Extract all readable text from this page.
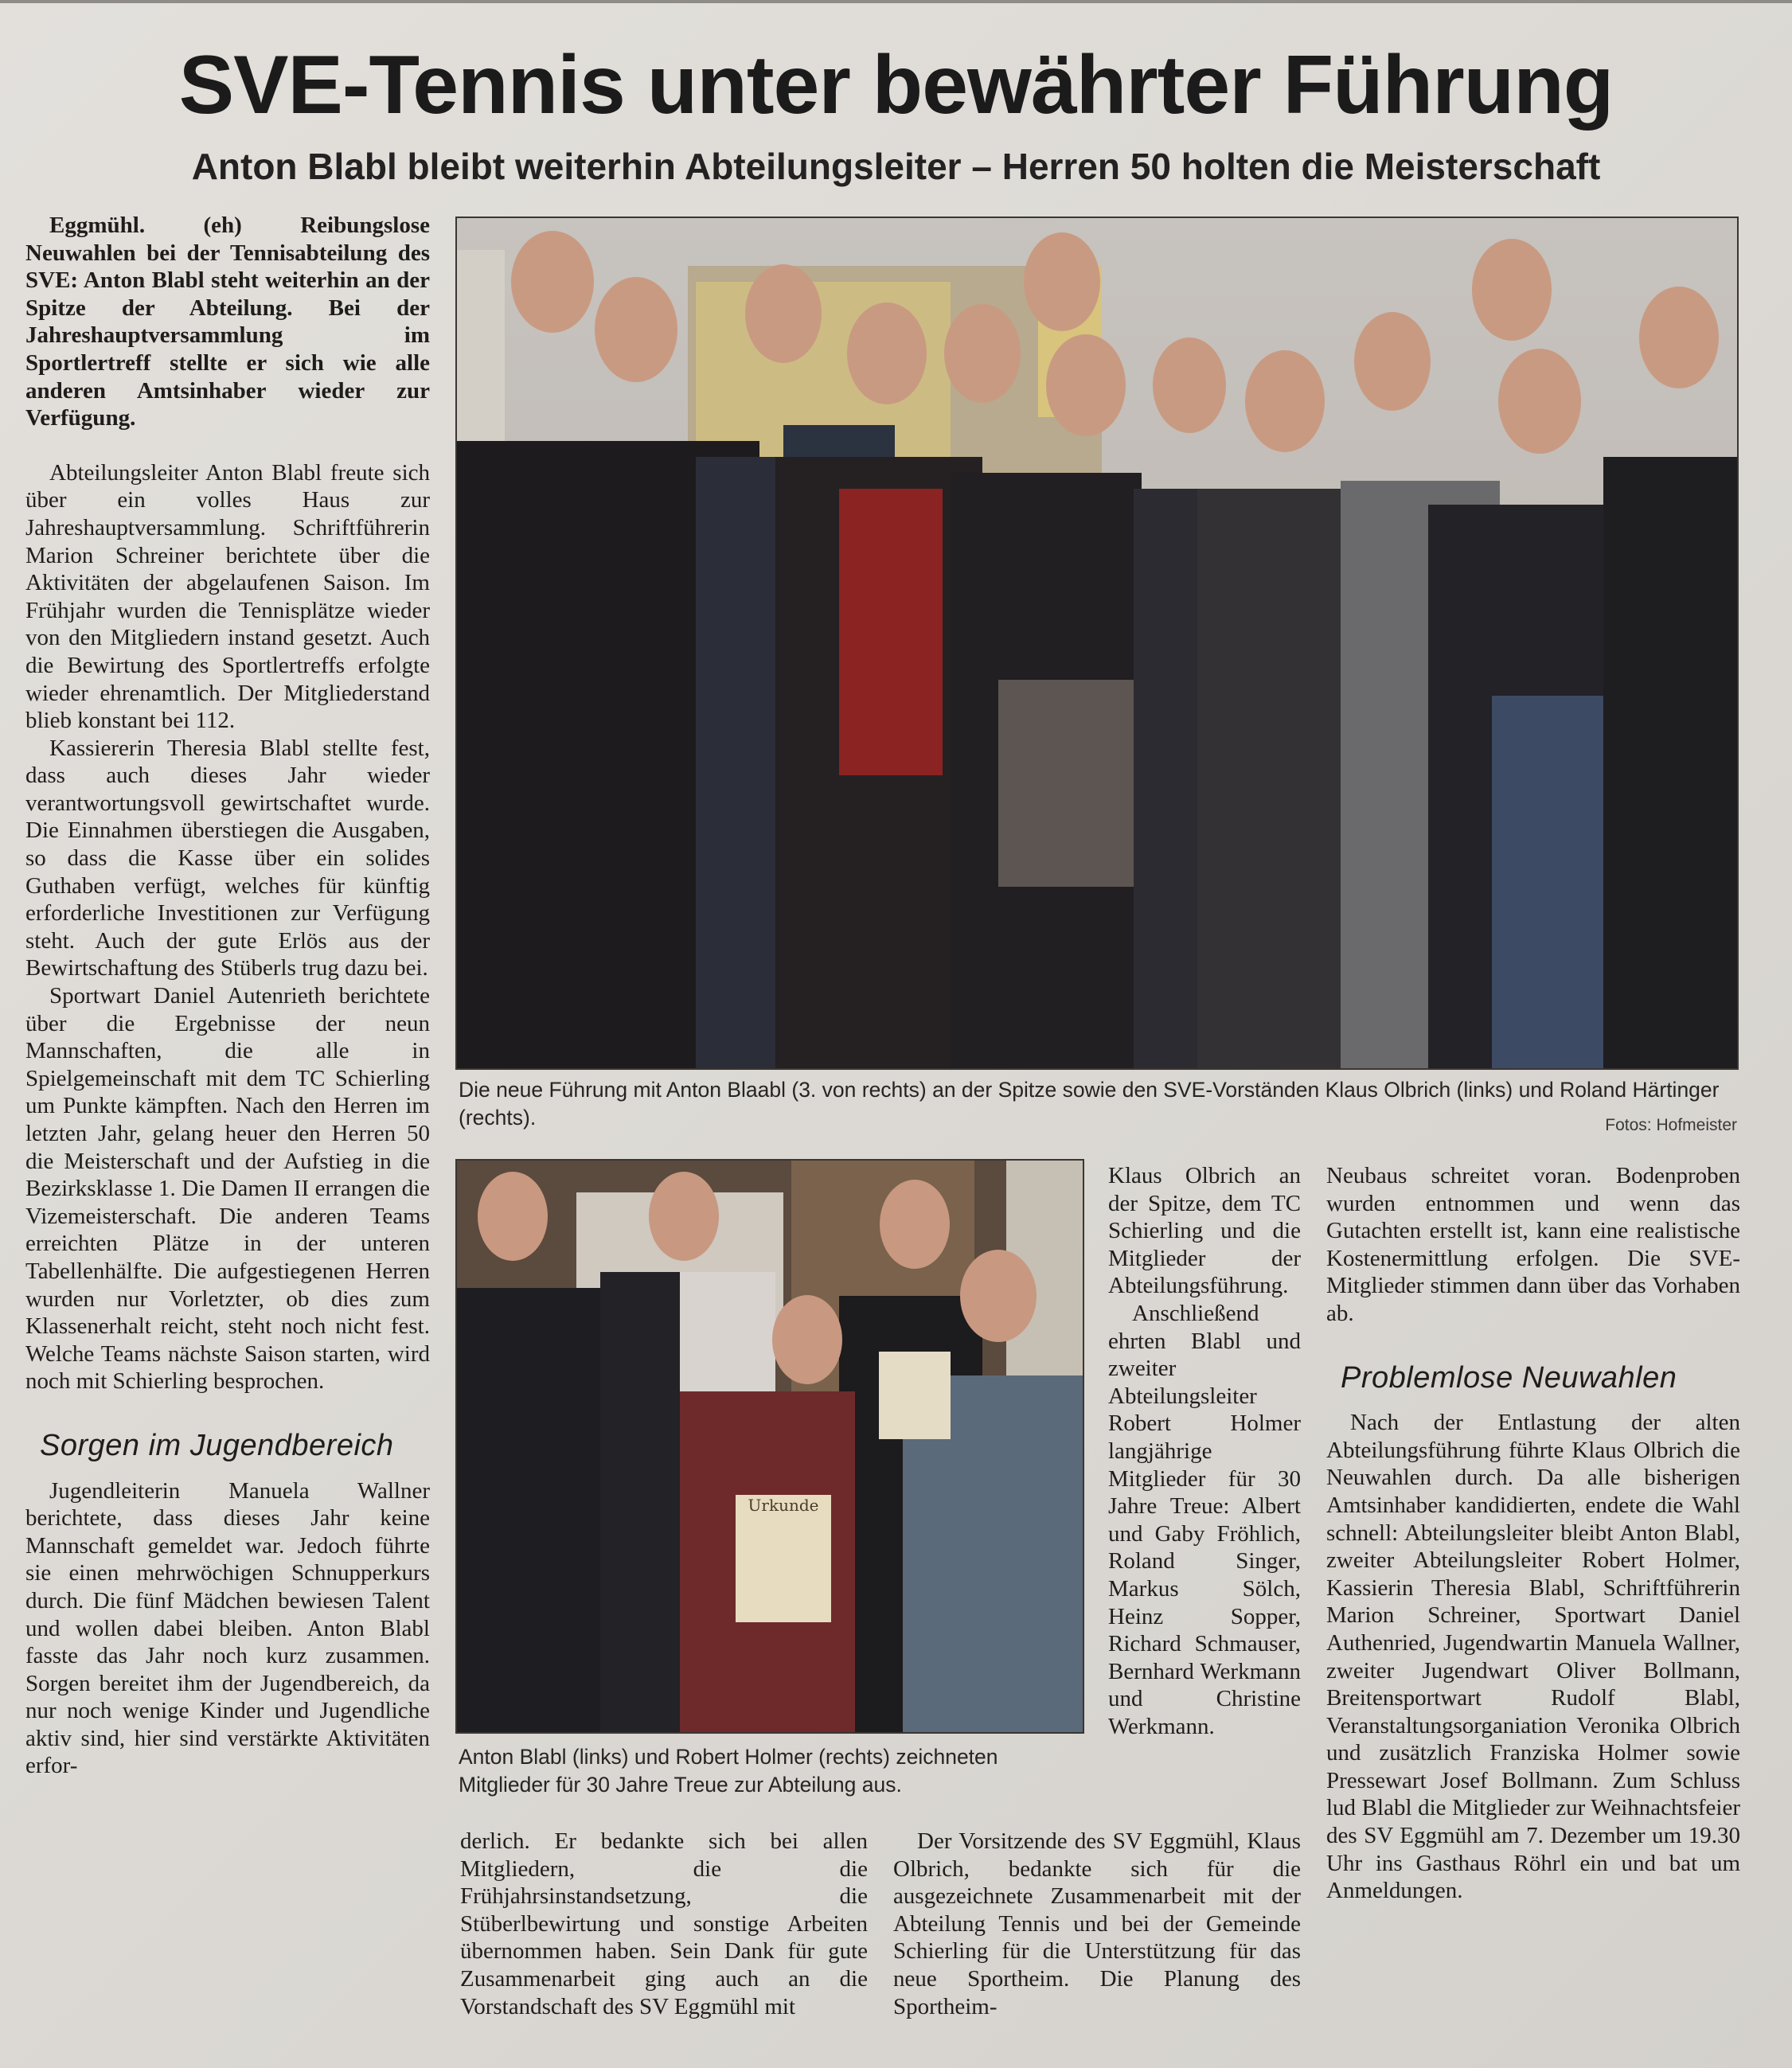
SVE-Tennis unter bewährter Führung
Anton Blabl bleibt weiterhin Abteilungsleiter – Herren 50 holten die Meisterschaft

Eggmühl. (eh) Reibungslose Neuwahlen bei der Tennisabteilung des SVE: Anton Blabl steht weiterhin an der Spitze der Abteilung. Bei der Jahreshauptversammlung im Sportlertreff stellte er sich wie alle anderen Amtsinhaber wieder zur Verfügung.

Abteilungsleiter Anton Blabl freute sich über ein volles Haus zur Jahreshauptversammlung. Schriftführerin Marion Schreiner berichtete über die Aktivitäten der abgelaufenen Saison. Im Frühjahr wurden die Tennisplätze wieder von den Mitgliedern instand gesetzt. Auch die Bewirtung des Sportlertreffs erfolgte wieder ehrenamtlich. Der Mitgliederstand blieb konstant bei 112.

Kassiererin Theresia Blabl stellte fest, dass auch dieses Jahr wieder verantwortungsvoll gewirtschaftet wurde. Die Einnahmen überstiegen die Ausgaben, so dass die Kasse über ein solides Guthaben verfügt, welches für künftig erforderliche Investitionen zur Verfügung steht. Auch der gute Erlös aus der Bewirtschaftung des Stüberls trug dazu bei.

Sportwart Daniel Autenrieth berichtete über die Ergebnisse der neun Mannschaften, die alle in Spielgemeinschaft mit dem TC Schierling um Punkte kämpften. Nach den Herren im letzten Jahr, gelang heuer den Herren 50 die Meisterschaft und der Aufstieg in die Bezirksklasse 1. Die Damen II errangen die Vizemeisterschaft. Die anderen Teams erreichten Plätze in der unteren Tabellenhälfte. Die aufgestiegenen Herren wurden nur Vorletzter, ob dies zum Klassenerhalt reicht, steht noch nicht fest. Welche Teams nächste Saison starten, wird noch mit Schierling besprochen.

Sorgen im Jugendbereich

Jugendleiterin Manuela Wallner berichtete, dass dieses Jahr keine Mannschaft gemeldet war. Jedoch führte sie einen mehrwöchigen Schnupperkurs durch. Die fünf Mädchen bewiesen Talent und wollen dabei bleiben. Anton Blabl fasste das Jahr noch kurz zusammen. Sorgen bereitet ihm der Jugendbereich, da nur noch wenige Kinder und Jugendliche aktiv sind, hier sind verstärkte Aktivitäten erfor-

Die neue Führung mit Anton Blaabl (3. von rechts) an der Spitze sowie den SVE-Vorständen Klaus Olbrich (links) und Roland Härtinger (rechts).	Fotos: Hofmeister
Urkunde
Anton Blabl (links) und Robert Holmer (rechts) zeichneten Mitglieder für 30 Jahre Treue zur Abteilung aus.

Klaus Olbrich an der Spitze, dem TC Schierling und die Mitglieder der Abteilungsführung.

Anschließend ehrten Blabl und zweiter Abteilungsleiter Robert Holmer langjährige Mitglieder für 30 Jahre Treue: Albert und Gaby Fröhlich, Roland Singer, Markus Sölch, Heinz Sopper, Richard Schmauser, Bernhard Werkmann und Christine Werkmann.

Neubaus schreitet voran. Bodenproben wurden entnommen und wenn das Gutachten erstellt ist, kann eine realistische Kostenermittlung erfolgen. Die SVE-Mitglieder stimmen dann über das Vorhaben ab.

Problemlose Neuwahlen

Nach der Entlastung der alten Abteilungsführung führte Klaus Olbrich die Neuwahlen durch. Da alle bisherigen Amtsinhaber kandidierten, endete die Wahl schnell: Abteilungsleiter bleibt Anton Blabl, zweiter Abteilungsleiter Robert Holmer, Kassierin Theresia Blabl, Schriftführerin Marion Schreiner, Sportwart Daniel Authenried, Jugendwartin Manuela Wallner, zweiter Jugendwart Oliver Bollmann, Breitensportwart Rudolf Blabl, Veranstaltungsorganiation Veronika Olbrich und zusätzlich Franziska Holmer sowie Pressewart Josef Bollmann. Zum Schluss lud Blabl die Mitglieder zur Weihnachtsfeier des SV Eggmühl am 7. Dezember um 19.30 Uhr ins Gasthaus Röhrl ein und bat um Anmeldungen.

derlich. Er bedankte sich bei allen Mitgliedern, die die Frühjahrsinstandsetzung, die Stüberlbewirtung und sonstige Arbeiten übernommen haben. Sein Dank für gute Zusammenarbeit ging auch an die Vorstandschaft des SV Eggmühl mit

Der Vorsitzende des SV Eggmühl, Klaus Olbrich, bedankte sich für die ausgezeichnete Zusammenarbeit mit der Abteilung Tennis und bei der Gemeinde Schierling für die Unterstützung für das neue Sportheim. Die Planung des Sportheim-
